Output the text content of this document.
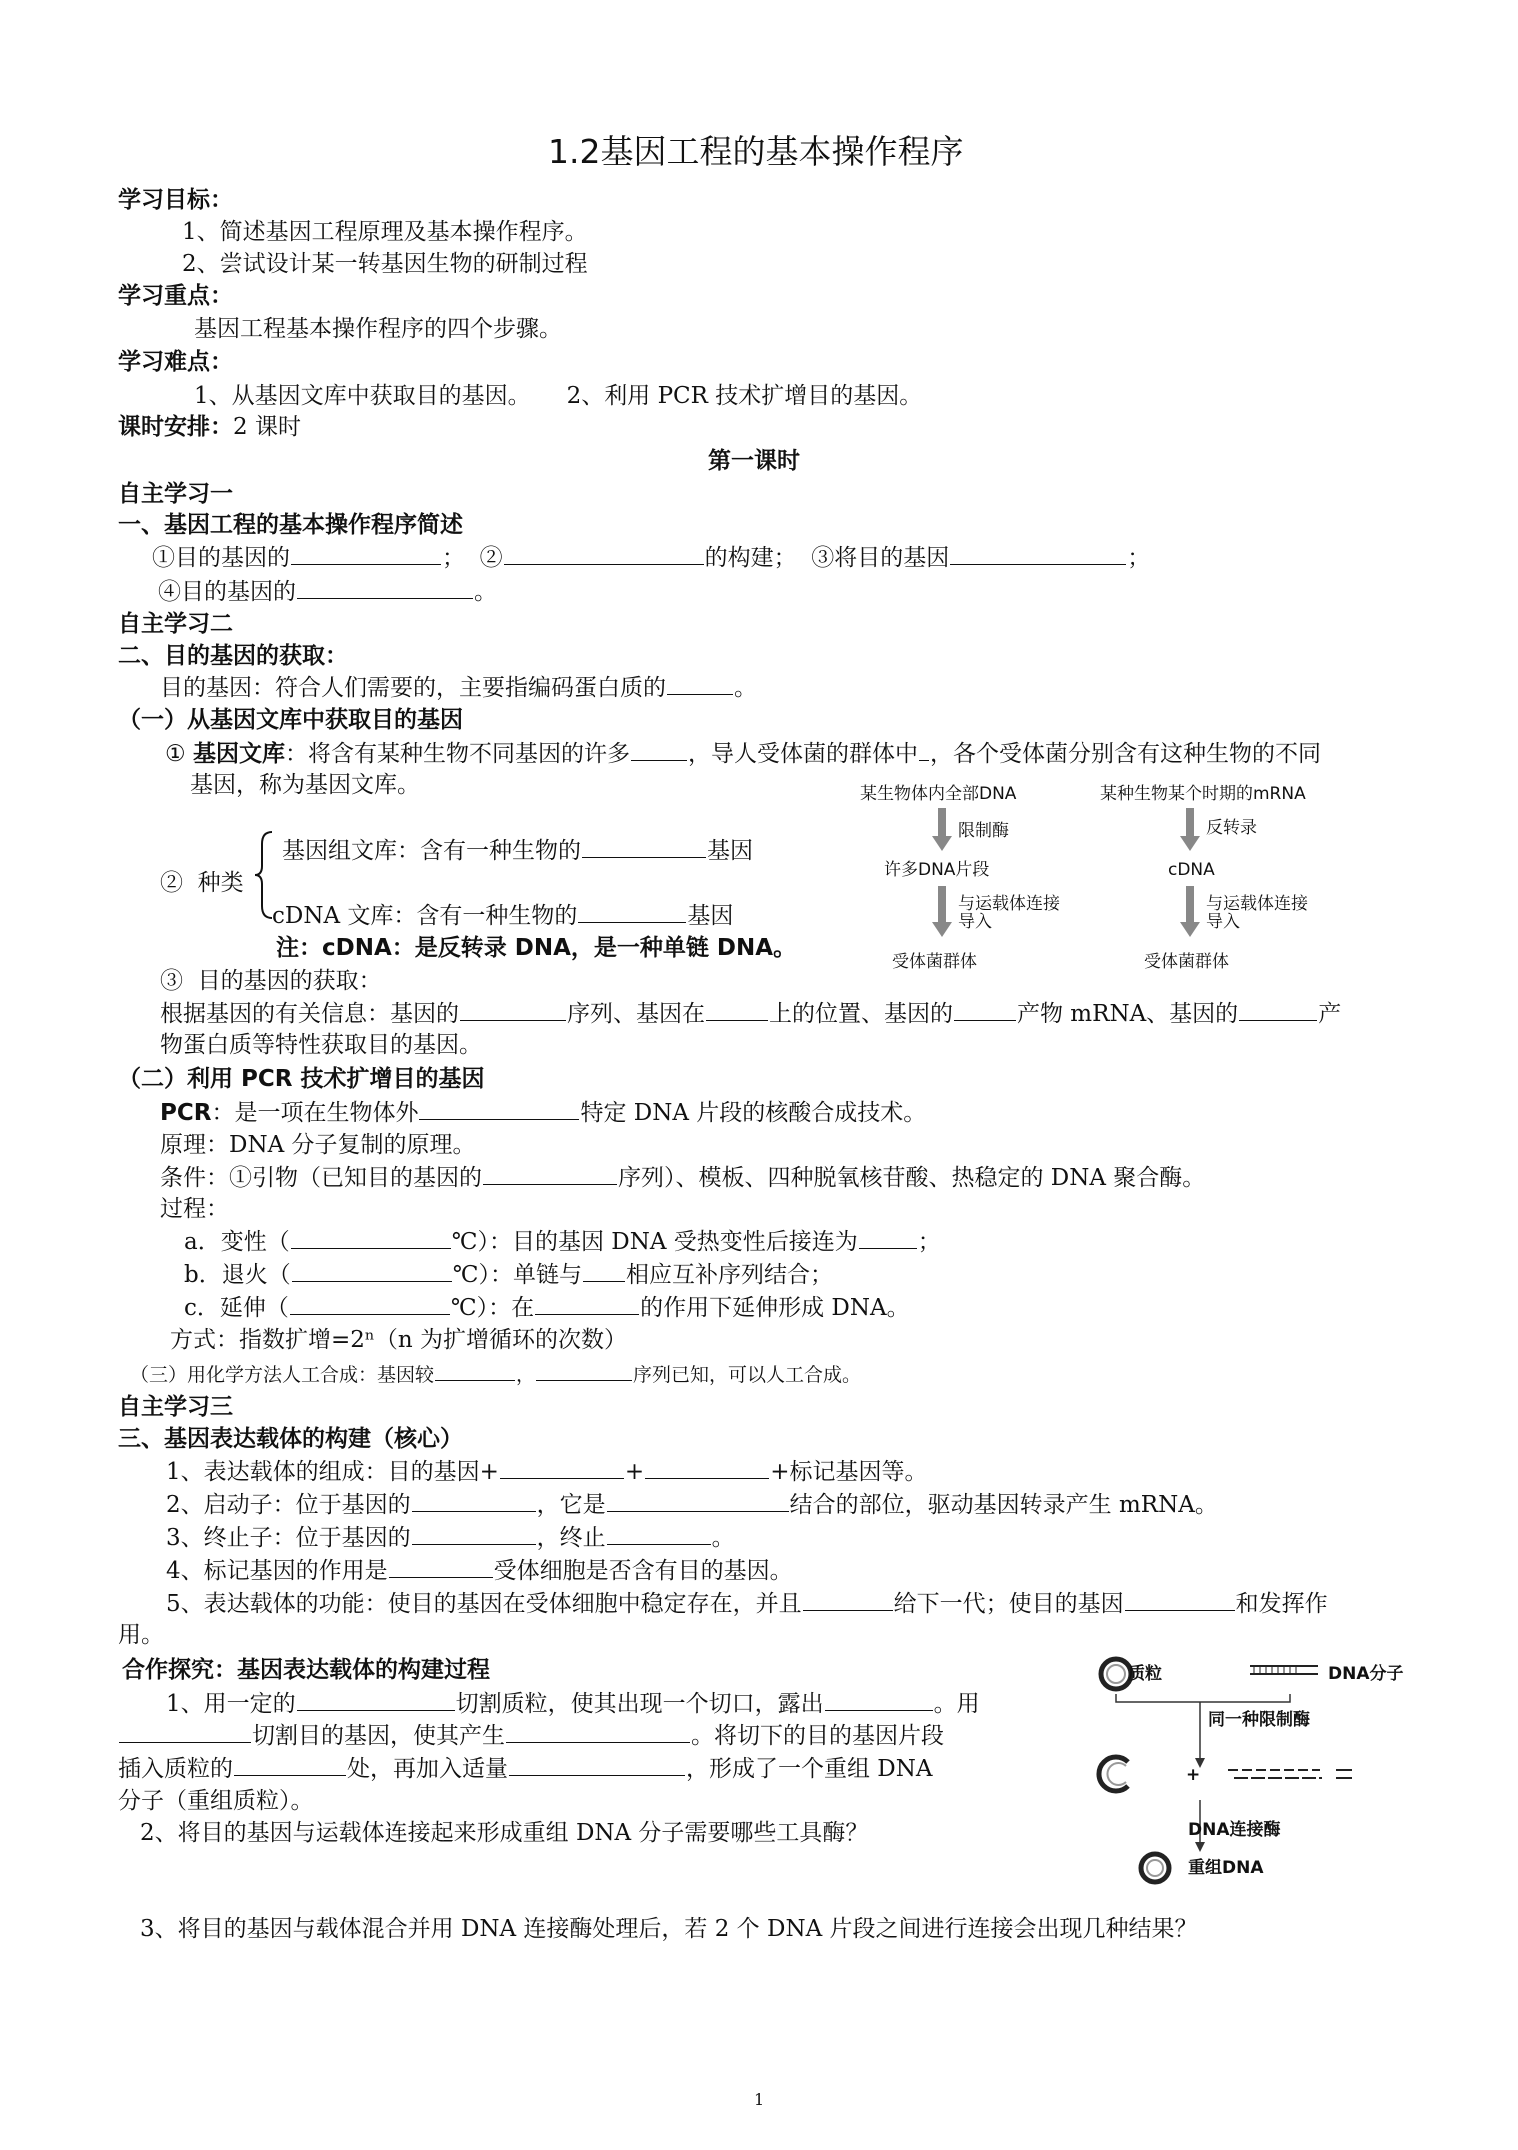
1.2基因工程的基本操作程序
学习目标：
1、简述基因工程原理及基本操作程序。
2、尝试设计某一转基因生物的研制过程
学习重点：
基因工程基本操作程序的四个步骤。
学习难点：
1、从基因文库中获取目的基因。 2、利用 PCR 技术扩增目的基因。
课时安排：2 课时
第一课时
自主学习一
一、基因工程的基本操作程序简述
①目的基因的	；  ②	的构建；  ③将目的基因	；
④目的基因的	。
自主学习二
二、目的基因的获取：
目的基因：符合人们需要的，主要指编码蛋白质的	。
（一）从基因文库中获取目的基因
① 基因文库：将含有某种生物不同基因的许多	，导人受体菌的群体中 ，各个受体菌分别含有这种生物的不同
基因，称为基因文库。
②  种类
基因组文库：含有一种生物的	基因
cDNA 文库：含有一种生物的	基因
注：cDNA：是反转录 DNA，是一种单链 DNA。
③  目的基因的获取：
根据基因的有关信息：基因的	序列、基因在	上的位置、基因的	产物 mRNA、基因的	产
物蛋白质等特性获取目的基因。
（二）利用 PCR 技术扩增目的基因
PCR：是一项在生物体外	特定 DNA 片段的核酸合成技术。
原理：DNA 分子复制的原理。
条件：①引物（已知目的基因的	序列）、模板、四种脱氧核苷酸、热稳定的 DNA 聚合酶。
过程：
a．变性（	℃）：目的基因 DNA 受热变性后接连为	；
b．退火（	℃）：单链与 相应互补序列结合；
c．延伸（	℃）：在	的作用下延伸形成 DNA。
方式：指数扩增=2ⁿ（n 为扩增循环的次数）
（三）用化学方法人工合成：基因较	，	序列已知，可以人工合成。
自主学习三
三、基因表达载体的构建（核心）
1、表达载体的组成：目的基因+	+	+标记基因等。
2、启动子：位于基因的	，它是	结合的部位，驱动基因转录产生 mRNA。
3、终止子：位于基因的	，终止	。
4、标记基因的作用是	受体细胞是否含有目的基因。
5、表达载体的功能：使目的基因在受体细胞中稳定存在，并且	给下一代；使目的基因	和发挥作
用。
合作探究：基因表达载体的构建过程
1、用一定的	切割质粒，使其出现一个切口，露出	。用
切割目的基因，使其产生	。将切下的目的基因片段
插入质粒的	处，再加入适量	，形成了一个重组 DNA
分子（重组质粒）。
2、将目的基因与运载体连接起来形成重组 DNA 分子需要哪些工具酶？
3、将目的基因与载体混合并用 DNA 连接酶处理后，若 2 个 DNA 片段之间进行连接会出现几种结果？
某生物体内全部DNA	某种生物某个时期的mRNA
限制酶	反转录
许多DNA片段	cDNA
与运载体连接
导入
与运载体连接
导入
受体菌群体	受体菌群体
质粒	DNA分子
同一种限制酶
+
DNA连接酶
重组DNA
1
